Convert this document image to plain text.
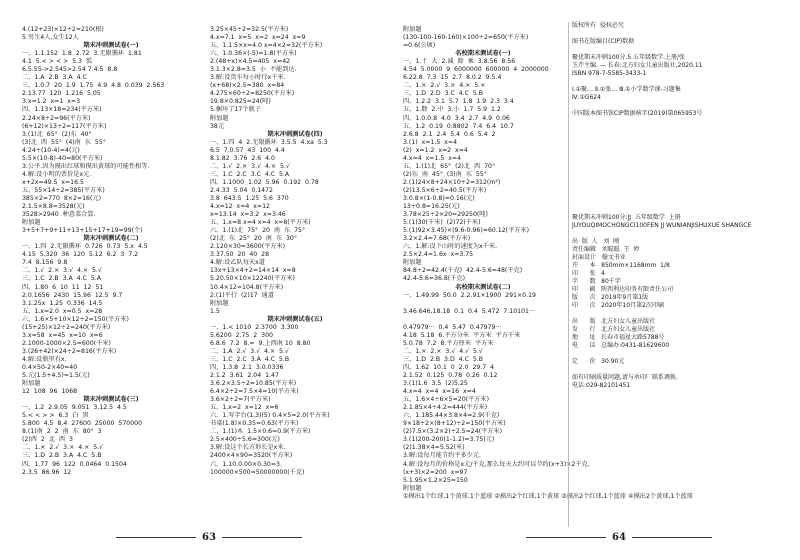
4.(12+23)×12÷2=210(根)
5.男生4人,女生12人
期末冲刺测试卷(一)
一、1.1.152  1.8  2.72  3.无限循环  1.81
4.1  5.< > < >  5.3  弧
6.5.55->2.545>2.54 7.4.5  8.8
二、1.A  2.B  3.A  4.C
三、1.0.7  20  1.9  1.75  4.9  4.8  0.039  2.563
2.13.77  120  1.216  5.05
3.x=1.2  x=1  x=3
四、1.13×18=234(平方米)
2.24×8÷2=96(平方米)
(6+12)×13÷2=117(平方米)
3.(1)北  65°  (2)东  40°
(3)北  西  55°  (4)南  东  55°
4.24÷(10-4)=4(元)
5.5×(10-8)-40=80(平方米)
3.公平.因为摸出红球和摸出黄球的可能性相等.
4.解:设小明的票价是x元.
x+2x=49.5  x=16.5
五、55×14÷2=385(平方米)
385×2=770  8×2=16(元)
2.1.5×8.8=3528(元)
3528>2940  种意菜合算.
附加题
3+5+7+9+11+13+15+17+19=99(个)
期末冲刺测试卷(二)
一、1.四  2.无限循环  0.726  0.73  5.x  4.5
4.15  5.320  36  120  5.12  6.2  3  7.2
7.4  8.156  9.8
二、1.√  2.×  3.√  4.×  5.√
三、1.C  2.B  3.A  4.C  5.A
四、1.80  6  10  11  12  51
2.0.1656  2430  15.96  12.5  9.7
3.1.25x  1.25  0.336  14.5
五、1.x=2.0  x=0.5  x=28
六、1.6×5+10×12÷2=150(平方米)
(15+25)×12÷2=240(平方米)
3.x=58  x=45  x=10  x=6
2.1000-1000×2.5=600(千米)
3.(26+42)×24÷2=816(平方米)
4.解:设瓶里有x.
0.4×50-2×40=40
5.元(1.5+4.5)=1.5(元)
附加题
12  108  96  1068
期末冲刺测试卷(三)
一、1.2  2.9.05  9.051  3.12.5  4.5
5.< < > >  6.3  白  黑
5.800  4.5  8.4  27600  25000  570000
8.(1)南  2  2  南  东  80°  3
(2)西  2  北  西  3
二、1.×  2.√  3.×  4.×  5.√
三、1.D  2.B  3.A  4.C  5.B
四、1.77  96  122  0.0464  0.1504
2.3.5  86.96  12
3.25×45÷2=32.5(平方米)
4.x=7.1  x=5  x=2  x=24  x=9
五、1.1.5×x=4.0 x=4×2=32(平方米)
六、1.0.36×(-5)=1.8(平方米)
2.(48+x)×4.5=405  x=42
3.1.3×2.8=3.5  小  不能到达.
3.解:设货车每小时行x千米.
(x+68)×2.5=380  x=84
4.275×60÷2=8250(平方米)
19.8×0.825=24(吨)
5.捆坏了17个瓶子
附加题
38元
期末冲刺测试卷(四)
一、1.四  4  2.无限循环  3.5.5  4.xa  5.3
6.5  7.0.57  43  100  4.4
8.1.82  3.76  2.6  4.0
二、1.√  2.×  3.√  4.×  5.√
三、1.C  2.C  3.C  4.C  5.A
四、1.1000  1.02  5.96  0.192  0.78
2.4.33  5.04  0.1472
3.8  643.5  1.25  5.6  370
4.x=12  x=4  x=12
x=13.14  x=3.2  x=3.46
五、1.x=8 x=4 x=4  x=8(平方米)
六、1.(1)北  75°  20  南  东  75°
(2)北  东  25°  20  南  东  30°
2.120×30=3600(平方米)
3.37.50  20  40  28
4.解:设乙队每天x道
13x+13×4+2=14×14  x=8
5.20.50×10×12240(平方米)
10.4×12=104.8(平方米)
2.(1)平行  (2)17  通道
附加题
1.5
期末冲刺测试卷(五)
一、1.< 1010  2.3700  3.300
5.6200  2.75  2  300
6.8.6  7.2  8.=  9.上西南 10  8.80
二、1.A  2.√  3.√  4.×  5.√
三、1.C  2.C  3.A  4.C  5.B
四、1.3.8  2.1  3.0.0336
2.1.2  3.61  2.04  1.47
3.6.2×3.5÷2=10.85(平方米)
6.4×2÷2=7.5×4=10(平方米)
3.6×2÷2=7(平方米)
五、1.x=2  x=12  x=6
六、1.写字台(1.3)(5) 0.4×5=2.0(平方米)
书桌(1.8)×0.35=0.63(平方米)
二、1.(1)木  1.5×0.6=0.9(平方米)
2.5×400÷5.6=300(元)
3.解:设这个长方形长是x米.
2400×4×90=3520(平方米)
六、1.10.0.00×0.30=3.
100000×500=50000000(千克)
附加题
(130-100-160-160)×100÷2=650(平方米)
=0.6(公顷)
名校期末测试卷(一)
一、1.十  大  2.减  除  乘  3.8.56  8.56
4.54  5.0000  9  6000000  600000  4  2000000
6.22.8  7.3  15  2.7  8.0.2  9.5.4
二、1.×  2.√  3.×  4.×  5.×
三、1.D  2.D  3.C  4.C  5.B
四、1.2.2  3.1  5.7  1.8  1.9  2.3  3.4
五、1.数  2.中  3.小  1.7  5.9  1.2
四、1.0.0.8  4.0  3.4  2.7  4.9  0.06
五、1.2  0.19  0.8802  7.4  6.4  10.7
2.6.8  2.1  2.4  5.4  0.6  5.4  2
3.(1)  x=1.5  x=4
(2)  x=1.2  x=2  x=4
4.x=4  x=1.5  x=4
五、1.(1)北  65°  (2)北  西  70°
(2)东  南  45°  (3)南  东  55°
2.(1)24×8+24×10÷2=312(m²)
(2)13.5×6÷2=40.5(平方米)
3.0.8×(1-0.8)=0.16(元)
13÷0.8=16.25(元)
3.78×25÷2×20=29250(吨)
5.(1)30(千米)  (2)72(千米)
5.(1)92×3.45)×(9.6-0.96)=60.12(平方米)
3.2×2.4=7.68(平方米)
六、1.解:设下山时的速度为x千米.
2.5×2.4=1.6x  x=3.75
附加题
84.8÷2=42.4(千克)  42.4-5.6=48(千克)
42.4-5.6=36.8(千克)
名校期末测试卷(二)
一、1.49.99  50.0  2.2.91×1900  291×0.19
3.46.646,18.18  0.1  0.4  5.472  7.10101···
0.47979···  0.4  5.47  0.47979···
4.18  5.18  6.平方分米  平方米  平方千米
5.0.78  7.2  8.平方厘米  平方米
二、1.×  2.×  3.√  4.√  5.√
三、1.D  2.B  3.D  4.C  5.B
四、1.62  10.1  0  2.0  29.7  4
2.1.52  0.125  0.78  0.26  0.12
3.(1)1.6  3.5  (2)5.25
4.x=4  x=4  x=16  x=4
五、1.6×4÷6×5=20(平方米)
2.1.85×4÷4.2=444(平方米)
六、1.185.44×3.8×4=2.9(千克)
9×18÷2×(8+12)÷2=150(平方米)
(2)7.5×(3.2×2)÷2.5=24(平方米)
3.(1)200-200(1-1.2)=3.75(元)
(2)1.38×4=5.52(米)
3.解:设每月能节约平多少元.
4.解:设每月的价格是x元/千克,那么每天大约可以节约(x+3)×2千克.
(x+3)×2=200  x=97
5.1.95×1.2×25=150
附加题
①摸出1个红球,1个黄球.1个蓝球 ②摸出2个红球,1个黄球 ③摸出2个红球,1个蓝球 ④摸出2个黄球,1个蓝球
版权所有  侵权必究
图书在版编目(CIP)数据
聚优期末冲刺100分.5.五年级数学.上册/张
玉芹主编. — 长春:北方妇女儿童出版社,2020.11
ISBN 978-7-5585-3433-1
Ⅰ.①聚… Ⅱ.①张… Ⅲ.①小学数学课-习题集
Ⅳ.①G624
中国版本图书馆CIP数据核字(2019)第065953号
聚优期末冲刺100分:JJ  五年级数学  上册
JUYOUQIMOCHONGCI100FEN JJ WUNIANJISHUXUE SHANGCE
出  版  人   刘  刚
责任编辑   刘聪聪  王  婷
封面设计   翰文书业
开      本   850mm×1168mm  1/8
印      张   4
字      数   80千字
印      刷   陕西利达印务有限责任公司
版      次   2019年9月第1版
印      次   2020年10月第2次印刷
出      版   北方妇女儿童出版社
发      行   北方妇女儿童出版社
地      址   长春市福祉大路5788号
电      话   总编办:0431-81629600
定      价   30.90元
如有印刷质量问题,请与承印厂联系调换.
电话:029-82101451
63	64
